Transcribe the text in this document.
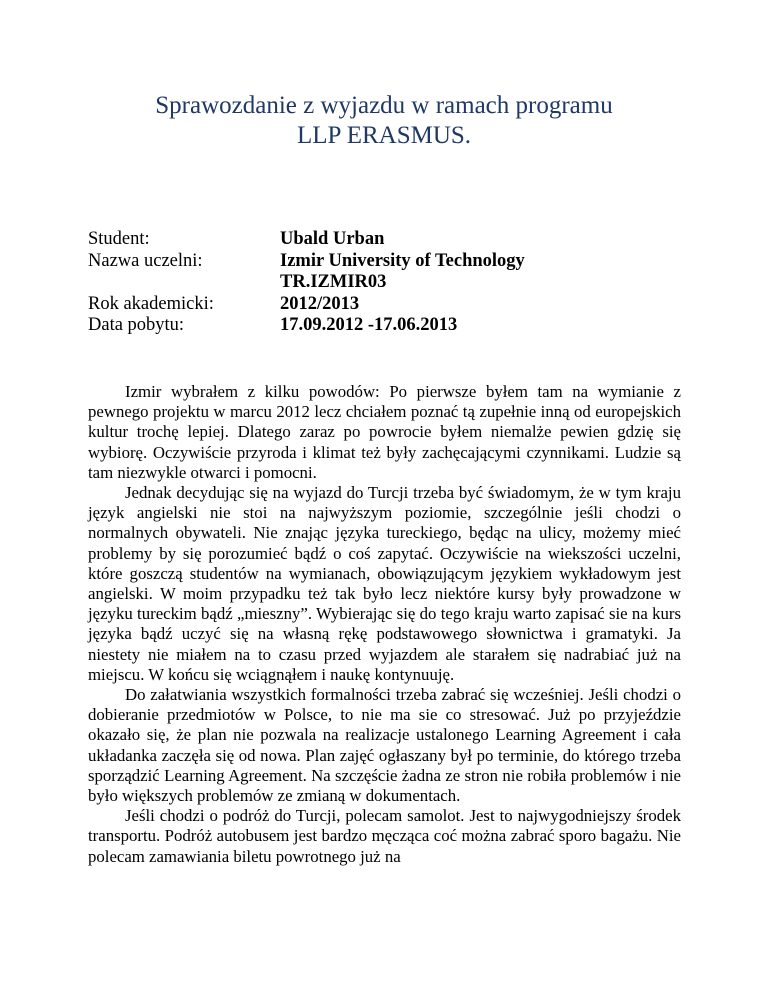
Sprawozdanie z wyjazdu w ramach programu
LLP ERASMUS.
Student:	Ubald Urban
Nazwa uczelni:	Izmir University of Technology
TR.IZMIR03
Rok akademicki:	2012/2013
Data pobytu:	17.09.2012 -17.06.2013

Izmir wybrałem z kilku powodów: Po pierwsze byłem tam na wymianie z pewnego projektu w marcu 2012 lecz chciałem poznać tą zupełnie inną od europejskich kultur trochę lepiej. Dlatego zaraz po powrocie byłem niemalże pewien gdzię się wybiorę. Oczywiście przyroda i klimat też były zachęcającymi czynnikami. Ludzie są tam niezwykle otwarci i pomocni.

Jednak decydując się na wyjazd do Turcji trzeba być świadomym, że w tym kraju język angielski nie stoi na najwyższym poziomie, szczególnie jeśli chodzi o normalnych obywateli. Nie znając języka tureckiego, będąc na ulicy, możemy mieć problemy by się porozumieć bądź o coś zapytać. Oczywiście na wiekszości uczelni, które goszczą studentów na wymianach, obowiązującym językiem wykładowym jest angielski. W moim przypadku też tak było lecz niektóre kursy były prowadzone w języku tureckim bądź „mieszny”. Wybierając się do tego kraju warto zapisać sie na kurs języka bądź uczyć się na własną rękę podstawowego słownictwa i gramatyki. Ja niestety nie miałem na to czasu przed wyjazdem ale starałem się nadrabiać już na miejscu. W końcu się wciągnąłem i naukę kontynuuję.

Do załatwiania wszystkich formalności trzeba zabrać się wcześniej. Jeśli chodzi o dobieranie przedmiotów w Polsce, to nie ma sie co stresować. Już po przyjeździe okazało się, że plan nie pozwala na realizacje ustalonego Learning Agreement i cała układanka zaczęła się od nowa. Plan zajęć ogłaszany był po terminie, do którego trzeba sporządzić Learning Agreement. Na szczęście żadna ze stron nie robiła problemów i nie było większych problemów ze zmianą w dokumentach.

Jeśli chodzi o podróż do Turcji, polecam samolot. Jest to najwygodniejszy środek transportu. Podróż autobusem jest bardzo męcząca coć można zabrać sporo bagażu. Nie polecam zamawiania biletu powrotnego już na
